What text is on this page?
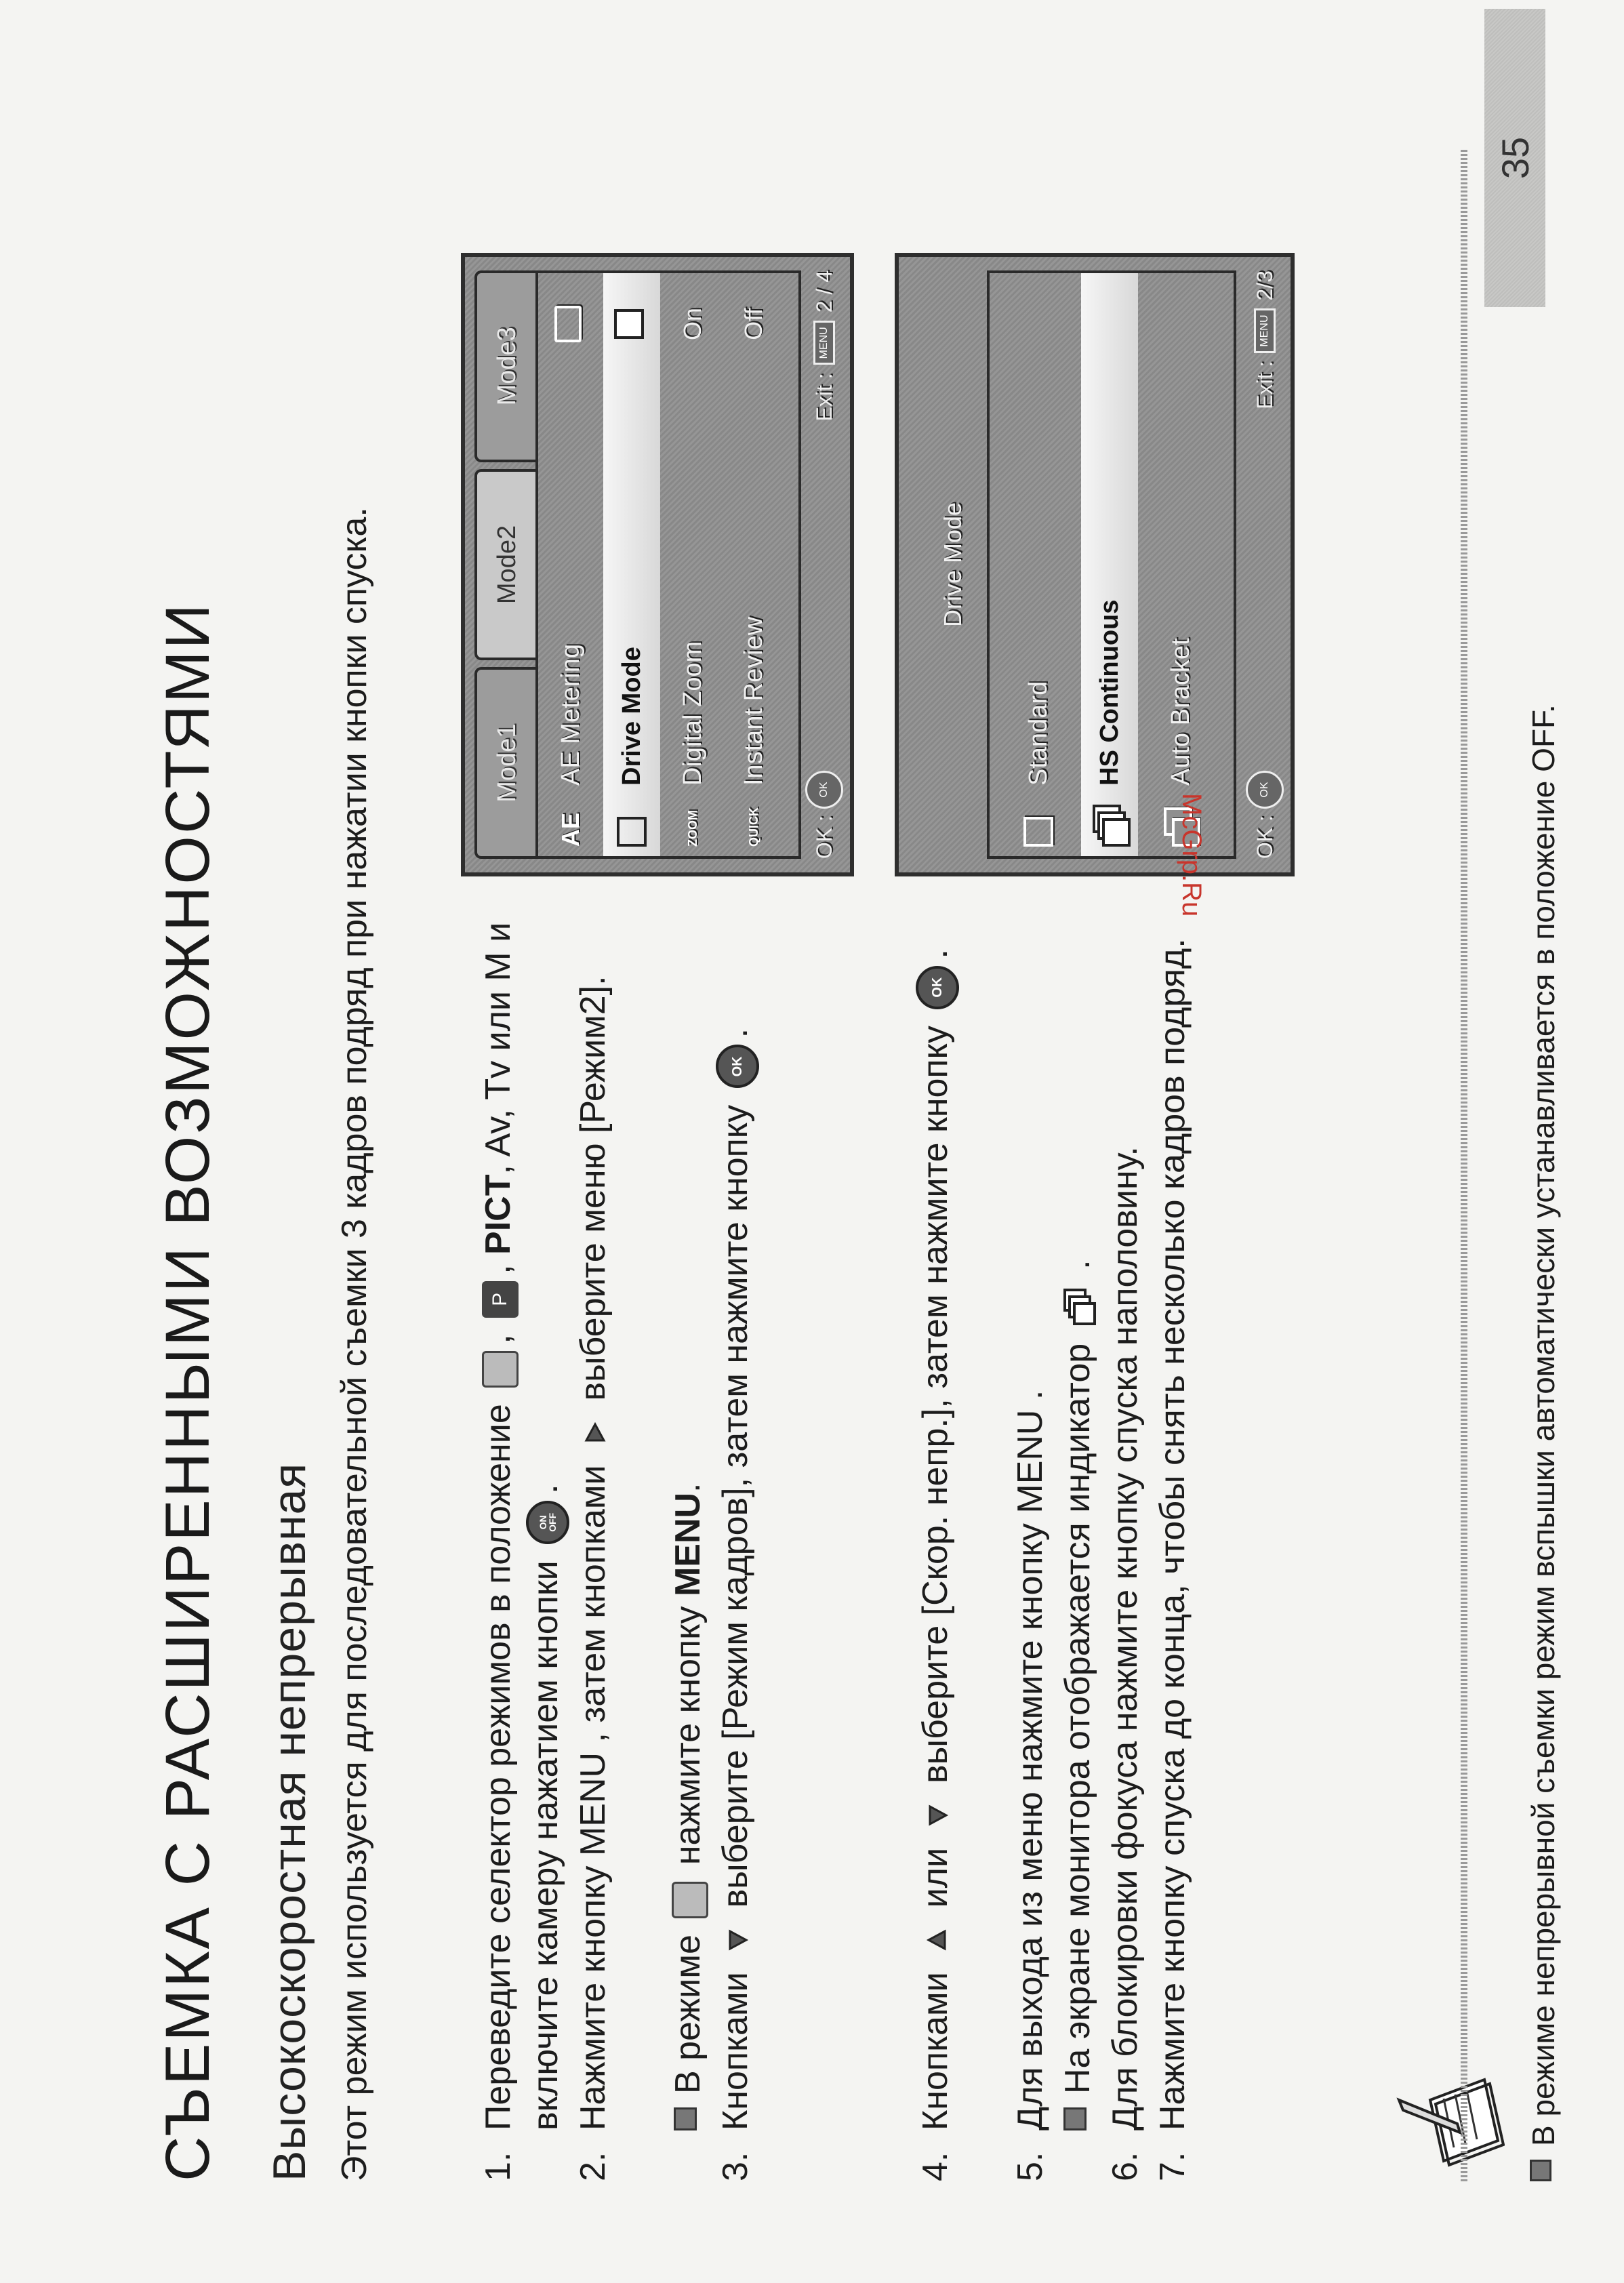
СЪЕМКА С РАСШИРЕННЫМИ ВОЗМОЖНОСТЯМИ Высокоскоростная непрерывная Этот режим используется для последовательной съемки 3 кадров подряд при нажатии кнопки спуска.	1.
Переведите селектор режимов в положение , P, PICT, Av, Tv или M и включите камеру нажатием кнопки
ON
OFF
.
2.
Нажмите кнопку MENU , затем кнопками  выберите меню [Режим2].
В режиме  нажмите кнопку MENU.
3.
Кнопками  выберите [Режим кадров], затем нажмите кнопку OK.
4.
Кнопками  или  выберите [Скор. непр.], затем нажмите кнопку OK.
5.
Для выхода из меню нажмите кнопку MENU . На экране монитора отображается индикатор  .
6.
Для блокировки фокуса нажмите кнопку спуска наполовину.
7.
Нажмите кнопку спуска до конца, чтобы снять несколько кадров подряд.
Mode1
Mode2
Mode3
AE
AE Metering Drive Mode
ZOOM
Digital Zoom
On
QUICK
Instant Review
Off
OK :
OK
Exit :
MENU
2 / 4
Drive Mode
Standard HS Continuous Auto Bracket
OK :
OK
Exit :
MENU
2/3
В режиме непрерывной съемки режим вспышки автоматически устанавливается в положение OFF.
35
McGrp.Ru
